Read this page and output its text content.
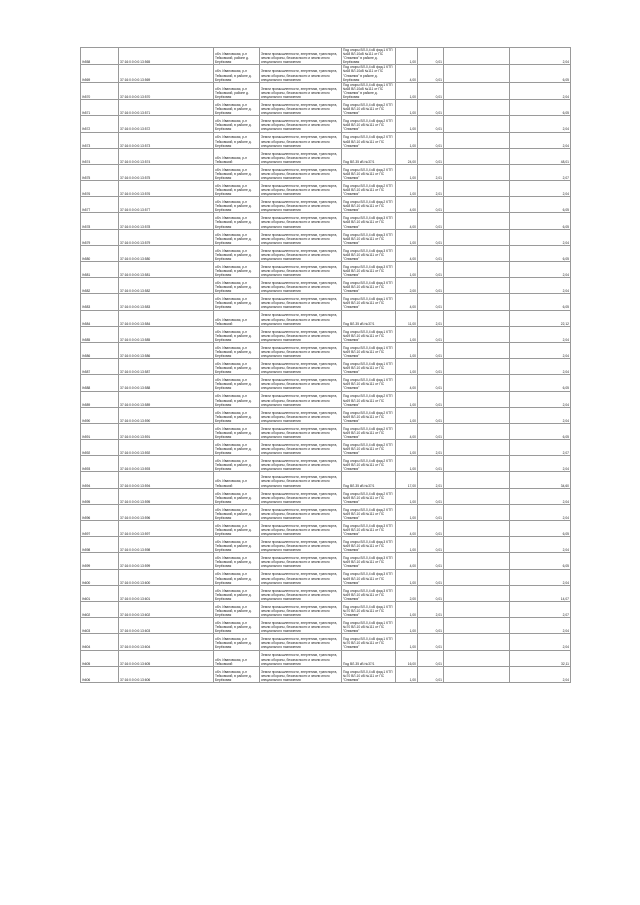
Ih558	37:16:0:0:0:0:13:565	обл. Ивановская, р-н Тейковский, районе д. Берёзовая	Земли промышленности, энергетики, транспорта, земли обороны, безопасности и земли иного специального назначения	Под опоры ВЛ-0,4 кВ фид.1 КТП №68 ВЛ-10кВ №111 от ПС "Олимпия" в районе д. Берёзовая	1,00	0,01		2,04
Ih569	37:16:0:0:0:0:13:569	обл. Ивановская, р-н Тейковский, в районе д. Берёзовая	Земли промышленности, энергетики, транспорта, земли обороны, безопасности и земли иного специального назначения	Под опоры ВЛ-0,4 кВ фид.1 КТП №68 ВЛ-10кВ №111 от ПС "Олимпия" в районе д. Берёзовая	4,00	0,01		6,05
Ih570	37:16:0:0:0:0:13:570	обл. Ивановская, р-н Тейковский, районе д. Берёзовая	Земли промышленности, энергетики, транспорта, земли обороны, безопасности и земли иного специального назначения	Под опоры ВЛ-0,4 кВ фид.1 КТП №68 ВЛ-10кВ №111 от ПС "Олимпия" в районе д. Берёзовая	1,00	0,01		2,04
Ih571	37:16:0:0:0:0:13:571	обл. Ивановская, р-н Тейковский, в районе д. Берёзовая	Земли промышленности, энергетики, транспорта, земли обороны, безопасности и земли иного специального назначения	Под опоры ВЛ-0,4 кВ фид.2 КТП №68 ВЛ-10 кВ №111 от ПС "Олимпия"	1,00	0,01		6,05
Ih572	37:16:0:0:0:0:13:572	обл. Ивановская, р-н Тейковский, в районе д. Берёзовая	Земли промышленности, энергетики, транспорта, земли обороны, безопасности и земли иного специального назначения	Под опоры ВЛ-0,4 кВ фид.2 КТП №68 ВЛ-10 кВ №111 от ПС "Олимпия"	1,00	0,01		2,04
Ih573	37:16:0:0:0:0:13:573	обл. Ивановская, р-н Тейковский, в районе д. Берёзовая	Земли промышленности, энергетики, транспорта, земли обороны, безопасности и земли иного специального назначения	Под опоры ВЛ-0,4 кВ фид.2 КТП №68 ВЛ-10 кВ №111 от ПС "Олимпия"	1,00	0,01		2,04
Ih574	37:16:0:0:0:0:13:574	обл. Ивановская, р-н Тейковский	Земли промышленности, энергетики, транспорта, земли обороны, безопасности и земли иного специального назначения	Под ВЛ-35 кВ №37/1	24,00	0,01		48,01
Ih575	37:16:0:0:0:0:13:575	обл. Ивановская, р-н Тейковский, в районе д. Берёзовая	Земли промышленности, энергетики, транспорта, земли обороны, безопасности и земли иного специального назначения	Под опоры ВЛ-0,4 кВ фид.2 КТП №68 ВЛ-10 кВ №111 от ПС "Олимпия"	1,00	2,01		2,07
Ih576	37:16:0:0:0:0:13:576	обл. Ивановская, р-н Тейковский, в районе д. Берёзовая	Земли промышленности, энергетики, транспорта, земли обороны, безопасности и земли иного специального назначения	Под опоры ВЛ-0,4 кВ фид.2 КТП №68 ВЛ-10 кВ №111 от ПС "Олимпия"	1,00	2,01		2,04
Ih577	37:16:0:0:0:0:13:577	обл. Ивановская, р-н Тейковский, в районе д. Берёзовая	Земли промышленности, энергетики, транспорта, земли обороны, безопасности и земли иного специального назначения	Под опоры ВЛ-0,4 кВ фид.2 КТП №68 ВЛ-10 кВ №111 от ПС "Олимпия"	4,00	0,01		6,05
Ih578	37:16:0:0:0:0:13:578	обл. Ивановская, р-н Тейковский, в районе д. Берёзовая	Земли промышленности, энергетики, транспорта, земли обороны, безопасности и земли иного специального назначения	Под опоры ВЛ-0,4 кВ фид.3 КТП №68 ВЛ-10 кВ №111 от ПС "Олимпия"	4,00	0,01		6,05
Ih579	37:16:0:0:0:0:13:579	обл. Ивановская, р-н Тейковский, в районе д. Берёзовая	Земли промышленности, энергетики, транспорта, земли обороны, безопасности и земли иного специального назначения	Под опоры ВЛ-0,4 кВ фид.3 КТП №68 ВЛ-10 кВ №111 от ПС "Олимпия"	1,00	0,01		2,04
Ih580	37:16:0:0:0:0:13:580	обл. Ивановская, р-н Тейковский, в районе д. Берёзовая	Земли промышленности, энергетики, транспорта, земли обороны, безопасности и земли иного специального назначения	Под опоры ВЛ-0,4 кВ фид.3 КТП №68 ВЛ-10 кВ №111 от ПС "Олимпия"	4,00	0,01		6,05
Ih581	37:16:0:0:0:0:13:581	обл. Ивановская, р-н Тейковский, в районе д. Берёзовая	Земли промышленности, энергетики, транспорта, земли обороны, безопасности и земли иного специального назначения	Под опоры ВЛ-0,4 кВ фид.3 КТП №68 ВЛ-10 кВ №111 от ПС "Олимпия"	1,00	0,01		2,04
Ih582	37:16:0:0:0:0:13:582	обл. Ивановская, р-н Тейковский, в районе д. Берёзовая	Земли промышленности, энергетики, транспорта, земли обороны, безопасности и земли иного специального назначения	Под опоры ВЛ-0,4 кВ фид.3 КТП №68 ВЛ-10 кВ №111 от ПС "Олимпия"	2,00	0,01		2,04
Ih583	37:16:0:0:0:0:13:583	обл. Ивановская, р-н Тейковский, в районе д. Берёзовая	Земли промышленности, энергетики, транспорта, земли обороны, безопасности и земли иного специального назначения	Под опоры ВЛ-0,4 кВ фид.1 КТП №69 ВЛ-10 кВ №111 от ПС "Олимпия"	4,00	0,01		6,05
Ih584	37:16:0:0:0:0:13:584	обл. Ивановская, р-н Тейковский	Земли промышленности, энергетики, транспорта, земли обороны, безопасности и земли иного специального назначения	Под ВЛ-35 кВ №37/1	11,00	2,01		22,12
Ih585	37:16:0:0:0:0:13:585	обл. Ивановская, р-н Тейковский, в районе д. Берёзовая	Земли промышленности, энергетики, транспорта, земли обороны, безопасности и земли иного специального назначения	Под опоры ВЛ-0,4 кВ фид.1 КТП №69 ВЛ-10 кВ №111 от ПС "Олимпия"	1,00	0,01		2,04
Ih586	37:16:0:0:0:0:13:586	обл. Ивановская, р-н Тейковский, в районе д. Берёзовая	Земли промышленности, энергетики, транспорта, земли обороны, безопасности и земли иного специального назначения	Под опоры ВЛ-0,4 кВ фид.1 КТП №69 ВЛ-10 кВ №111 от ПС "Олимпия"	1,00	0,01		2,04
Ih587	37:16:0:0:0:0:13:587	обл. Ивановская, р-н Тейковский, в районе д. Берёзовая	Земли промышленности, энергетики, транспорта, земли обороны, безопасности и земли иного специального назначения	Под опоры ВЛ-0,4 кВ фид.1 КТП №69 ВЛ-10 кВ №111 от ПС "Олимпия"	1,00	0,01		2,04
Ih588	37:16:0:0:0:0:13:588	обл. Ивановская, р-н Тейковский, в районе д. Берёзовая	Земли промышленности, энергетики, транспорта, земли обороны, безопасности и земли иного специального назначения	Под опоры ВЛ-0,4 кВ фид.1 КТП №69 ВЛ-10 кВ №111 от ПС "Олимпия"	4,00	0,01		6,05
Ih589	37:16:0:0:0:0:13:589	обл. Ивановская, р-н Тейковский, в районе д. Берёзовая	Земли промышленности, энергетики, транспорта, земли обороны, безопасности и земли иного специального назначения	Под опоры ВЛ-0,4 кВ фид.2 КТП №69 ВЛ-10 кВ №111 от ПС "Олимпия"	1,00	0,01		2,04
Ih590	37:16:0:0:0:0:13:590	обл. Ивановская, р-н Тейковский, в районе д. Берёзовая	Земли промышленности, энергетики, транспорта, земли обороны, безопасности и земли иного специального назначения	Под опоры ВЛ-0,4 кВ фид.2 КТП №69 ВЛ-10 кВ №111 от ПС "Олимпия"	1,00	0,01		2,04
Ih591	37:16:0:0:0:0:13:591	обл. Ивановская, р-н Тейковский, в районе д. Берёзовая	Земли промышленности, энергетики, транспорта, земли обороны, безопасности и земли иного специального назначения	Под опоры ВЛ-0,4 кВ фид.2 КТП №69 ВЛ-10 кВ №111 от ПС "Олимпия"	4,00	0,01		6,05
Ih592	37:16:0:0:0:0:13:592	обл. Ивановская, р-н Тейковский, в районе д. Берёзовая	Земли промышленности, энергетики, транспорта, земли обороны, безопасности и земли иного специального назначения	Под опоры ВЛ-0,4 кВ фид.2 КТП №69 ВЛ-10 кВ №111 от ПС "Олимпия"	1,00	2,01		2,07
Ih593	37:16:0:0:0:0:13:593	обл. Ивановская, р-н Тейковский, в районе д. Берёзовая	Земли промышленности, энергетики, транспорта, земли обороны, безопасности и земли иного специального назначения	Под опоры ВЛ-0,4 кВ фид.2 КТП №69 ВЛ-10 кВ №111 от ПС "Олимпия"	1,00	0,01		2,04
Ih594	37:16:0:0:0:0:13:594	обл. Ивановская, р-н Тейковский	Земли промышленности, энергетики, транспорта, земли обороны, безопасности и земли иного специального назначения	Под ВЛ-35 кВ №37/1	17,00	2,01		34,60
Ih595	37:16:0:0:0:0:13:595	обл. Ивановская, р-н Тейковский, в районе д. Берёзовая	Земли промышленности, энергетики, транспорта, земли обороны, безопасности и земли иного специального назначения	Под опоры ВЛ-0,4 кВ фид.2 КТП №69 ВЛ-10 кВ №111 от ПС "Олимпия"	1,00	0,01		2,04
Ih596	37:16:0:0:0:0:13:596	обл. Ивановская, р-н Тейковский, в районе д. Берёзовая	Земли промышленности, энергетики, транспорта, земли обороны, безопасности и земли иного специального назначения	Под опоры ВЛ-0,4 кВ фид.2 КТП №69 ВЛ-10 кВ №111 от ПС "Олимпия"	1,00	0,01		2,04
Ih597	37:16:0:0:0:0:13:597	обл. Ивановская, р-н Тейковский, в районе д. Берёзовая	Земли промышленности, энергетики, транспорта, земли обороны, безопасности и земли иного специального назначения	Под опоры ВЛ-0,4 кВ фид.3 КТП №69 ВЛ-10 кВ №111 от ПС "Олимпия"	4,00	0,01		6,05
Ih598	37:16:0:0:0:0:13:598	обл. Ивановская, р-н Тейковский, в районе д. Берёзовая	Земли промышленности, энергетики, транспорта, земли обороны, безопасности и земли иного специального назначения	Под опоры ВЛ-0,4 кВ фид.3 КТП №69 ВЛ-10 кВ №111 от ПС "Олимпия"	1,00	0,01		2,04
Ih599	37:16:0:0:0:0:13:599	обл. Ивановская, р-н Тейковский, в районе д. Берёзовая	Земли промышленности, энергетики, транспорта, земли обороны, безопасности и земли иного специального назначения	Под опоры ВЛ-0,4 кВ фид.3 КТП №69 ВЛ-10 кВ №111 от ПС "Олимпия"	4,00	0,01		6,05
Ih600	37:16:0:0:0:0:13:600	обл. Ивановская, р-н Тейковский, в районе д. Берёзовая	Земли промышленности, энергетики, транспорта, земли обороны, безопасности и земли иного специального назначения	Под опоры ВЛ-0,4 кВ фид.3 КТП №69 ВЛ-10 кВ №111 от ПС "Олимпия"	1,00	0,01		2,04
Ih601	37:16:0:0:0:0:13:601	обл. Ивановская, р-н Тейковский, в районе д. Берёзовая	Земли промышленности, энергетики, транспорта, земли обороны, безопасности и земли иного специального назначения	Под опоры ВЛ-0,4 кВ фид.3 КТП №69 ВЛ-10 кВ №111 от ПС "Олимпия"	2,00	0,01		14,07
Ih602	37:16:0:0:0:0:13:602	обл. Ивановская, р-н Тейковский, в районе д. Берёзовая	Земли промышленности, энергетики, транспорта, земли обороны, безопасности и земли иного специального назначения	Под опоры ВЛ-0,4 кВ фид.1 КТП №70 ВЛ-10 кВ №111 от ПС "Олимпия"	1,00	2,01		2,07
Ih603	37:16:0:0:0:0:13:603	обл. Ивановская, р-н Тейковский, в районе д. Берёзовая	Земли промышленности, энергетики, транспорта, земли обороны, безопасности и земли иного специального назначения	Под опоры ВЛ-0,4 кВ фид.1 КТП №70 ВЛ-10 кВ №111 от ПС "Олимпия"	1,00	0,01		2,04
Ih604	37:16:0:0:0:0:13:604	обл. Ивановская, р-н Тейковский, в районе д. Берёзовая	Земли промышленности, энергетики, транспорта, земли обороны, безопасности и земли иного специального назначения	Под опоры ВЛ-0,4 кВ фид.1 КТП №70 ВЛ-10 кВ №111 от ПС "Олимпия"	1,00	0,01		2,04
Ih605	37:16:0:0:0:0:13:605	обл. Ивановская, р-н Тейковский	Земли промышленности, энергетики, транспорта, земли обороны, безопасности и земли иного специального назначения	Под ВЛ-35 кВ №37/1	16,00	0,01		32,11
Ih606	37:16:0:0:0:0:13:606	обл. Ивановская, р-н Тейковский, в районе д. Берёзовая	Земли промышленности, энергетики, транспорта, земли обороны, безопасности и земли иного специального назначения	Под опоры ВЛ-0,4 кВ фид.1 КТП №70 ВЛ-10 кВ №111 от ПС "Олимпия"	1,00	0,01		2,04
